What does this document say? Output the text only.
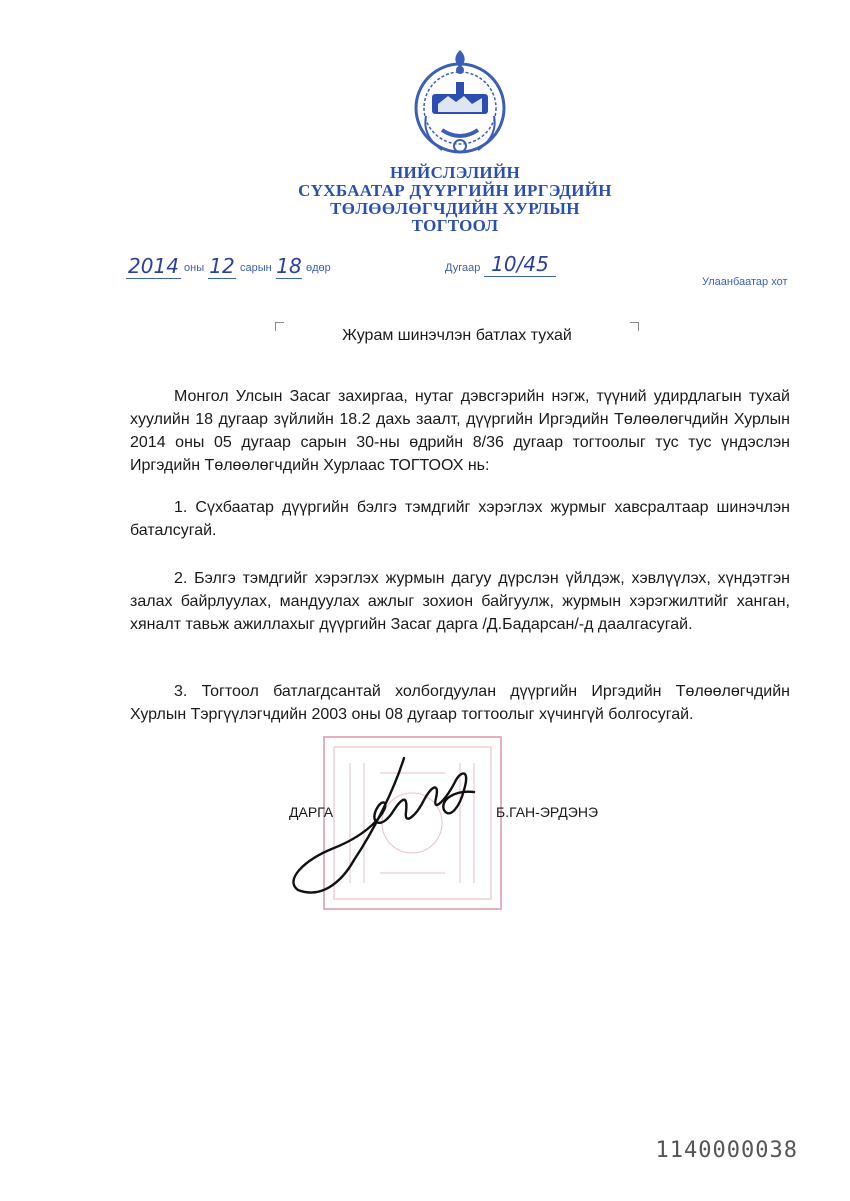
НИЙСЛЭЛИЙН
СҮХБААТАР ДҮҮРГИЙН ИРГЭДИЙН
ТӨЛӨӨЛӨГЧДИЙН ХУРЛЫН
ТОГТООЛ
2014 оны 12 сарын 18 өдөр	Дугаар 10/45
Улаанбаатар хот
Журам шинэчлэн батлах тухай
Монгол Улсын Засаг захиргаа, нутаг дэвсгэрийн нэгж, түүний удирдлагын тухай хуулийн 18 дугаар зүйлийн 18.2 дахь заалт, дүүргийн Иргэдийн Төлөөлөгчдийн Хурлын 2014 оны 05 дугаар сарын 30-ны өдрийн 8/36 дугаар тогтоолыг тус тус үндэслэн Иргэдийн Төлөөлөгчдийн Хурлаас ТОГТООХ нь:
1. Сүхбаатар дүүргийн бэлгэ тэмдгийг хэрэглэх журмыг хавсралтаар шинэчлэн баталсугай.
2. Бэлгэ тэмдгийг хэрэглэх журмын дагуу дүрслэн үйлдэж, хэвлүүлэх, хүндэтгэн залах байрлуулах, мандуулах ажлыг зохион байгуулж, журмын хэрэгжилтийг ханган, хяналт тавьж ажиллахыг дүүргийн Засаг дарга /Д.Бадарсан/-д даалгасугай.
3. Тогтоол батлагдсантай холбогдуулан дүүргийн Иргэдийн Төлөөлөгчдийн Хурлын Тэргүүлэгчдийн 2003 оны 08 дугаар тогтоолыг хүчингүй болгосугай.
ДАРГА	Б.ГАН-ЭРДЭНЭ
1140000038
